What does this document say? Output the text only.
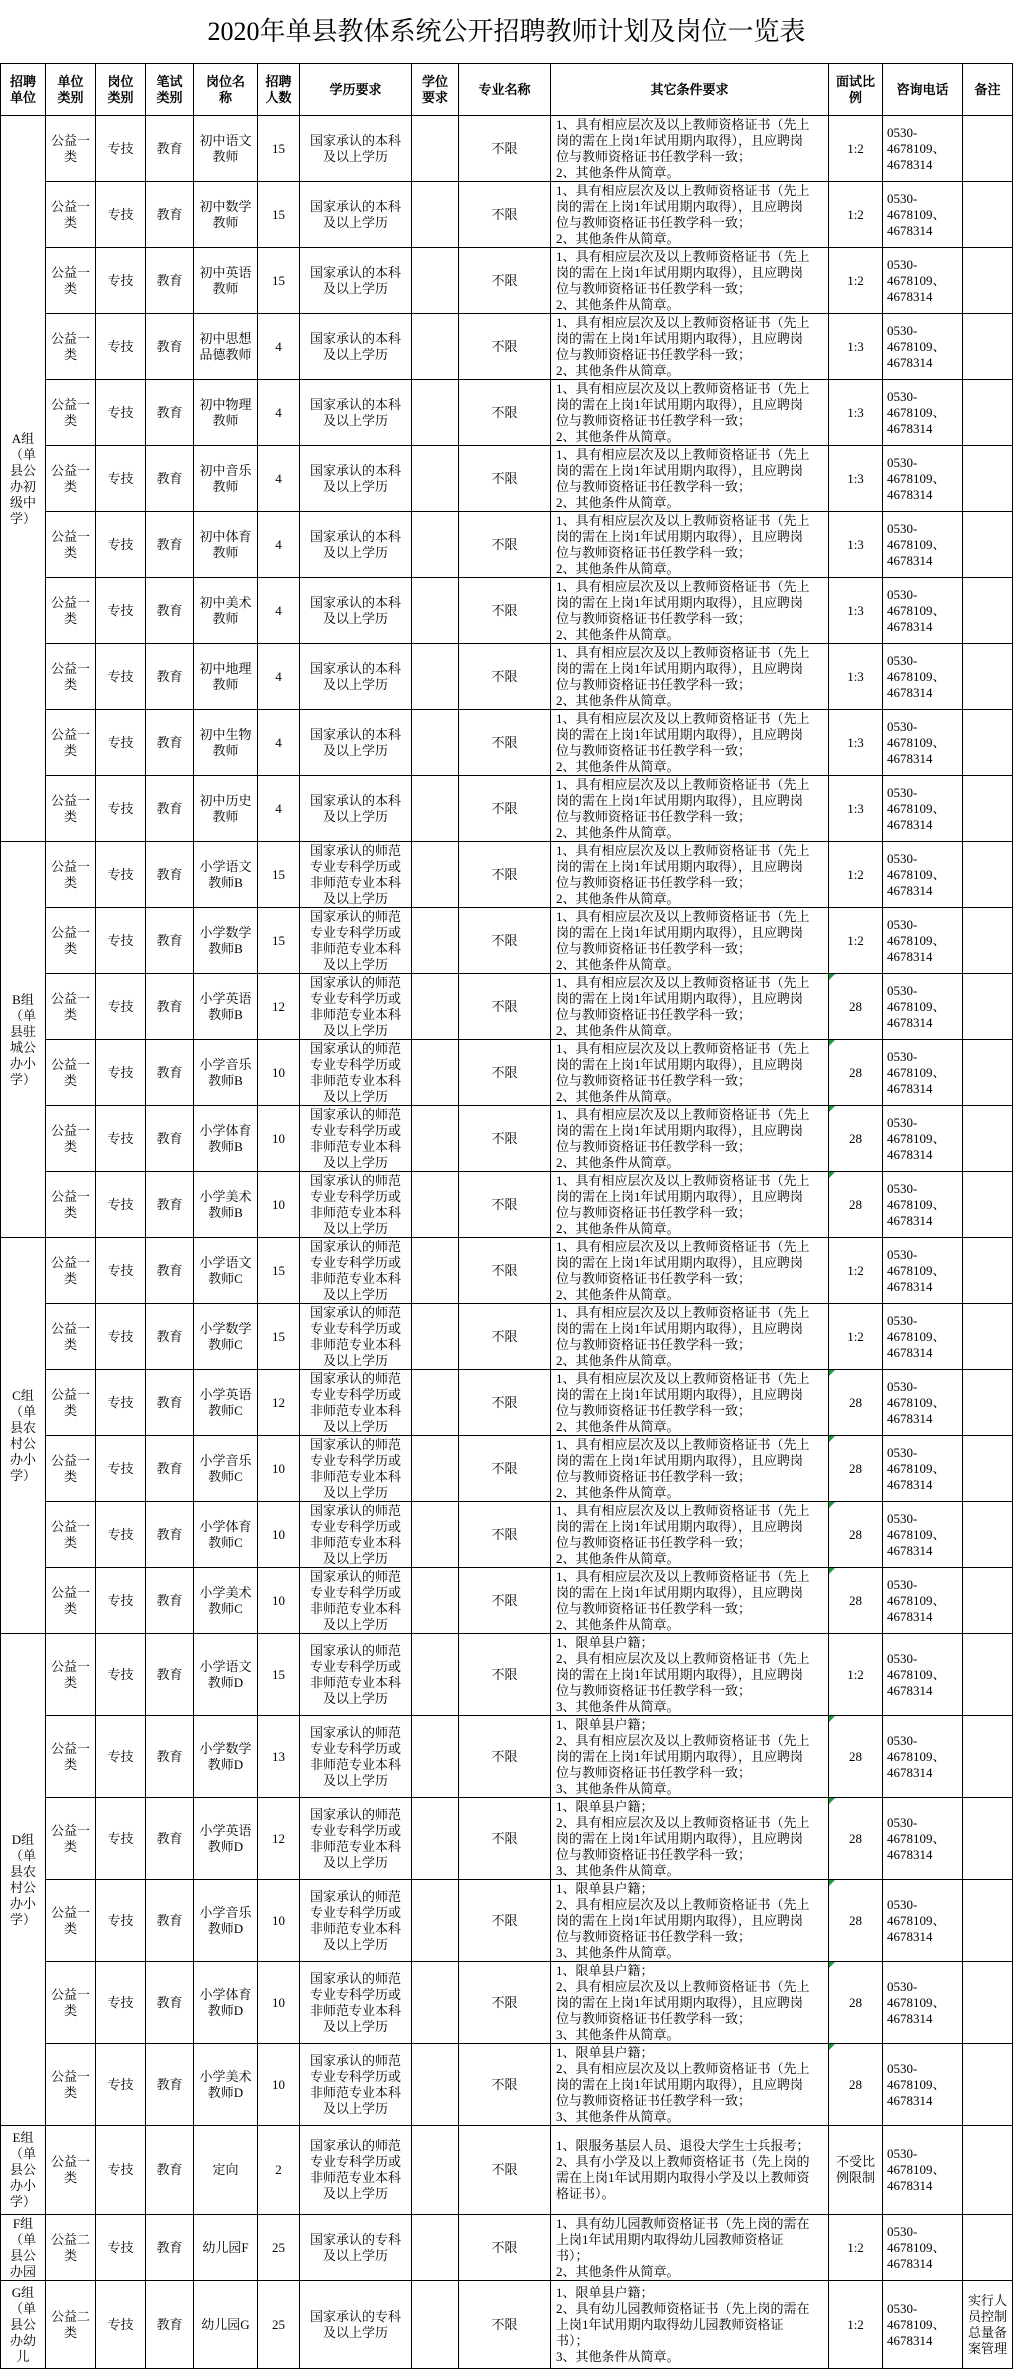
2020年单县教体系统公开招聘教师计划及岗位一览表
招聘单位	单位类别	岗位类别	笔试类别	岗位名称	招聘人数	学历要求	学位要求	专业名称	其它条件要求	面试比例	咨询电话	备注

A组（单县公办初级中学）	公益一类	专技	教育	初中语文教师	15	国家承认的本科及以上学历		不限	1、具有相应层次及以上教师资格证书（先上岗的需在上岗1年试用期内取得），且应聘岗位与教师资格证书任教学科一致；
2、其他条件从简章。	1:2	0530-4678109、4678314	

	公益一类	专技	教育	初中数学教师	15	国家承认的本科及以上学历		不限	1、具有相应层次及以上教师资格证书（先上岗的需在上岗1年试用期内取得），且应聘岗位与教师资格证书任教学科一致；
2、其他条件从简章。	1:2	0530-4678109、4678314	

	公益一类	专技	教育	初中英语教师	15	国家承认的本科及以上学历		不限	1、具有相应层次及以上教师资格证书（先上岗的需在上岗1年试用期内取得），且应聘岗位与教师资格证书任教学科一致；
2、其他条件从简章。	1:2	0530-4678109、4678314	

	公益一类	专技	教育	初中思想品德教师	4	国家承认的本科及以上学历		不限	1、具有相应层次及以上教师资格证书（先上岗的需在上岗1年试用期内取得），且应聘岗位与教师资格证书任教学科一致；
2、其他条件从简章。	1:3	0530-4678109、4678314	

	公益一类	专技	教育	初中物理教师	4	国家承认的本科及以上学历		不限	1、具有相应层次及以上教师资格证书（先上岗的需在上岗1年试用期内取得），且应聘岗位与教师资格证书任教学科一致；
2、其他条件从简章。	1:3	0530-4678109、4678314	

	公益一类	专技	教育	初中音乐教师	4	国家承认的本科及以上学历		不限	1、具有相应层次及以上教师资格证书（先上岗的需在上岗1年试用期内取得），且应聘岗位与教师资格证书任教学科一致；
2、其他条件从简章。	1:3	0530-4678109、4678314	

	公益一类	专技	教育	初中体育教师	4	国家承认的本科及以上学历		不限	1、具有相应层次及以上教师资格证书（先上岗的需在上岗1年试用期内取得），且应聘岗位与教师资格证书任教学科一致；
2、其他条件从简章。	1:3	0530-4678109、4678314	

	公益一类	专技	教育	初中美术教师	4	国家承认的本科及以上学历		不限	1、具有相应层次及以上教师资格证书（先上岗的需在上岗1年试用期内取得），且应聘岗位与教师资格证书任教学科一致；
2、其他条件从简章。	1:3	0530-4678109、4678314	

	公益一类	专技	教育	初中地理教师	4	国家承认的本科及以上学历		不限	1、具有相应层次及以上教师资格证书（先上岗的需在上岗1年试用期内取得），且应聘岗位与教师资格证书任教学科一致；
2、其他条件从简章。	1:3	0530-4678109、4678314	

	公益一类	专技	教育	初中生物教师	4	国家承认的本科及以上学历		不限	1、具有相应层次及以上教师资格证书（先上岗的需在上岗1年试用期内取得），且应聘岗位与教师资格证书任教学科一致；
2、其他条件从简章。	1:3	0530-4678109、4678314	

	公益一类	专技	教育	初中历史教师	4	国家承认的本科及以上学历		不限	1、具有相应层次及以上教师资格证书（先上岗的需在上岗1年试用期内取得），且应聘岗位与教师资格证书任教学科一致；
2、其他条件从简章。	1:3	0530-4678109、4678314	

B组（单县驻城公办小学）	公益一类	专技	教育	小学语文教师B	15	国家承认的师范专业专科学历或非师范专业本科及以上学历		不限	1、具有相应层次及以上教师资格证书（先上岗的需在上岗1年试用期内取得），且应聘岗位与教师资格证书任教学科一致；
2、其他条件从简章。	1:2	0530-4678109、4678314	

	公益一类	专技	教育	小学数学教师B	15	国家承认的师范专业专科学历或非师范专业本科及以上学历		不限	1、具有相应层次及以上教师资格证书（先上岗的需在上岗1年试用期内取得），且应聘岗位与教师资格证书任教学科一致；
2、其他条件从简章。	1:2	0530-4678109、4678314	

	公益一类	专技	教育	小学英语教师B	12	国家承认的师范专业专科学历或非师范专业本科及以上学历		不限	1、具有相应层次及以上教师资格证书（先上岗的需在上岗1年试用期内取得），且应聘岗位与教师资格证书任教学科一致；
2、其他条件从简章。	28	0530-4678109、4678314	

	公益一类	专技	教育	小学音乐教师B	10	国家承认的师范专业专科学历或非师范专业本科及以上学历		不限	1、具有相应层次及以上教师资格证书（先上岗的需在上岗1年试用期内取得），且应聘岗位与教师资格证书任教学科一致；
2、其他条件从简章。	28	0530-4678109、4678314	

	公益一类	专技	教育	小学体育教师B	10	国家承认的师范专业专科学历或非师范专业本科及以上学历		不限	1、具有相应层次及以上教师资格证书（先上岗的需在上岗1年试用期内取得），且应聘岗位与教师资格证书任教学科一致；
2、其他条件从简章。	28	0530-4678109、4678314	

	公益一类	专技	教育	小学美术教师B	10	国家承认的师范专业专科学历或非师范专业本科及以上学历		不限	1、具有相应层次及以上教师资格证书（先上岗的需在上岗1年试用期内取得），且应聘岗位与教师资格证书任教学科一致；
2、其他条件从简章。	28	0530-4678109、4678314	

C组（单县农村公办小学）	公益一类	专技	教育	小学语文教师C	15	国家承认的师范专业专科学历或非师范专业本科及以上学历		不限	1、具有相应层次及以上教师资格证书（先上岗的需在上岗1年试用期内取得），且应聘岗位与教师资格证书任教学科一致；
2、其他条件从简章。	1:2	0530-4678109、4678314	

	公益一类	专技	教育	小学数学教师C	15	国家承认的师范专业专科学历或非师范专业本科及以上学历		不限	1、具有相应层次及以上教师资格证书（先上岗的需在上岗1年试用期内取得），且应聘岗位与教师资格证书任教学科一致；
2、其他条件从简章。	1:2	0530-4678109、4678314	

	公益一类	专技	教育	小学英语教师C	12	国家承认的师范专业专科学历或非师范专业本科及以上学历		不限	1、具有相应层次及以上教师资格证书（先上岗的需在上岗1年试用期内取得），且应聘岗位与教师资格证书任教学科一致；
2、其他条件从简章。	28	0530-4678109、4678314	

	公益一类	专技	教育	小学音乐教师C	10	国家承认的师范专业专科学历或非师范专业本科及以上学历		不限	1、具有相应层次及以上教师资格证书（先上岗的需在上岗1年试用期内取得），且应聘岗位与教师资格证书任教学科一致；
2、其他条件从简章。	28	0530-4678109、4678314	

	公益一类	专技	教育	小学体育教师C	10	国家承认的师范专业专科学历或非师范专业本科及以上学历		不限	1、具有相应层次及以上教师资格证书（先上岗的需在上岗1年试用期内取得），且应聘岗位与教师资格证书任教学科一致；
2、其他条件从简章。	28	0530-4678109、4678314	

	公益一类	专技	教育	小学美术教师C	10	国家承认的师范专业专科学历或非师范专业本科及以上学历		不限	1、具有相应层次及以上教师资格证书（先上岗的需在上岗1年试用期内取得），且应聘岗位与教师资格证书任教学科一致；
2、其他条件从简章。	28	0530-4678109、4678314	

D组（单县农村公办小学）	公益一类	专技	教育	小学语文教师D	15	国家承认的师范专业专科学历或非师范专业本科及以上学历		不限	1、限单县户籍；
2、具有相应层次及以上教师资格证书（先上岗的需在上岗1年试用期内取得），且应聘岗位与教师资格证书任教学科一致；
3、其他条件从简章。	1:2	0530-4678109、4678314	

	公益一类	专技	教育	小学数学教师D	13	国家承认的师范专业专科学历或非师范专业本科及以上学历		不限	1、限单县户籍；
2、具有相应层次及以上教师资格证书（先上岗的需在上岗1年试用期内取得），且应聘岗位与教师资格证书任教学科一致；
3、其他条件从简章。	28	0530-4678109、4678314	

	公益一类	专技	教育	小学英语教师D	12	国家承认的师范专业专科学历或非师范专业本科及以上学历		不限	1、限单县户籍；
2、具有相应层次及以上教师资格证书（先上岗的需在上岗1年试用期内取得），且应聘岗位与教师资格证书任教学科一致；
3、其他条件从简章。	28	0530-4678109、4678314	

	公益一类	专技	教育	小学音乐教师D	10	国家承认的师范专业专科学历或非师范专业本科及以上学历		不限	1、限单县户籍；
2、具有相应层次及以上教师资格证书（先上岗的需在上岗1年试用期内取得），且应聘岗位与教师资格证书任教学科一致；
3、其他条件从简章。	28	0530-4678109、4678314	

	公益一类	专技	教育	小学体育教师D	10	国家承认的师范专业专科学历或非师范专业本科及以上学历		不限	1、限单县户籍；
2、具有相应层次及以上教师资格证书（先上岗的需在上岗1年试用期内取得），且应聘岗位与教师资格证书任教学科一致；
3、其他条件从简章。	28	0530-4678109、4678314	

	公益一类	专技	教育	小学美术教师D	10	国家承认的师范专业专科学历或非师范专业本科及以上学历		不限	1、限单县户籍；
2、具有相应层次及以上教师资格证书（先上岗的需在上岗1年试用期内取得），且应聘岗位与教师资格证书任教学科一致；
3、其他条件从简章。	28	0530-4678109、4678314	

E组（单县公办小学）	公益一类	专技	教育	定向	2	国家承认的师范专业专科学历或非师范专业本科及以上学历		不限	1、限服务基层人员、退役大学生士兵报考；
2、具有小学及以上教师资格证书（先上岗的需在上岗1年试用期内取得小学及以上教师资格证书）。	不受比例限制	0530-4678109、4678314	

F组（单县公办园	公益二类	专技	教育	幼儿园F	25	国家承认的专科及以上学历		不限	1、具有幼儿园教师资格证书（先上岗的需在上岗1年试用期内取得幼儿园教师资格证书）；
2、其他条件从简章。	1:2	0530-4678109、4678314	

G组（单县公办幼儿	公益二类	专技	教育	幼儿园G	25	国家承认的专科及以上学历		不限	1、限单县户籍；
2、具有幼儿园教师资格证书（先上岗的需在上岗1年试用期内取得幼儿园教师资格证书）；
3、其他条件从简章。	1:2	0530-4678109、4678314	实行人员控制总量备案管理
